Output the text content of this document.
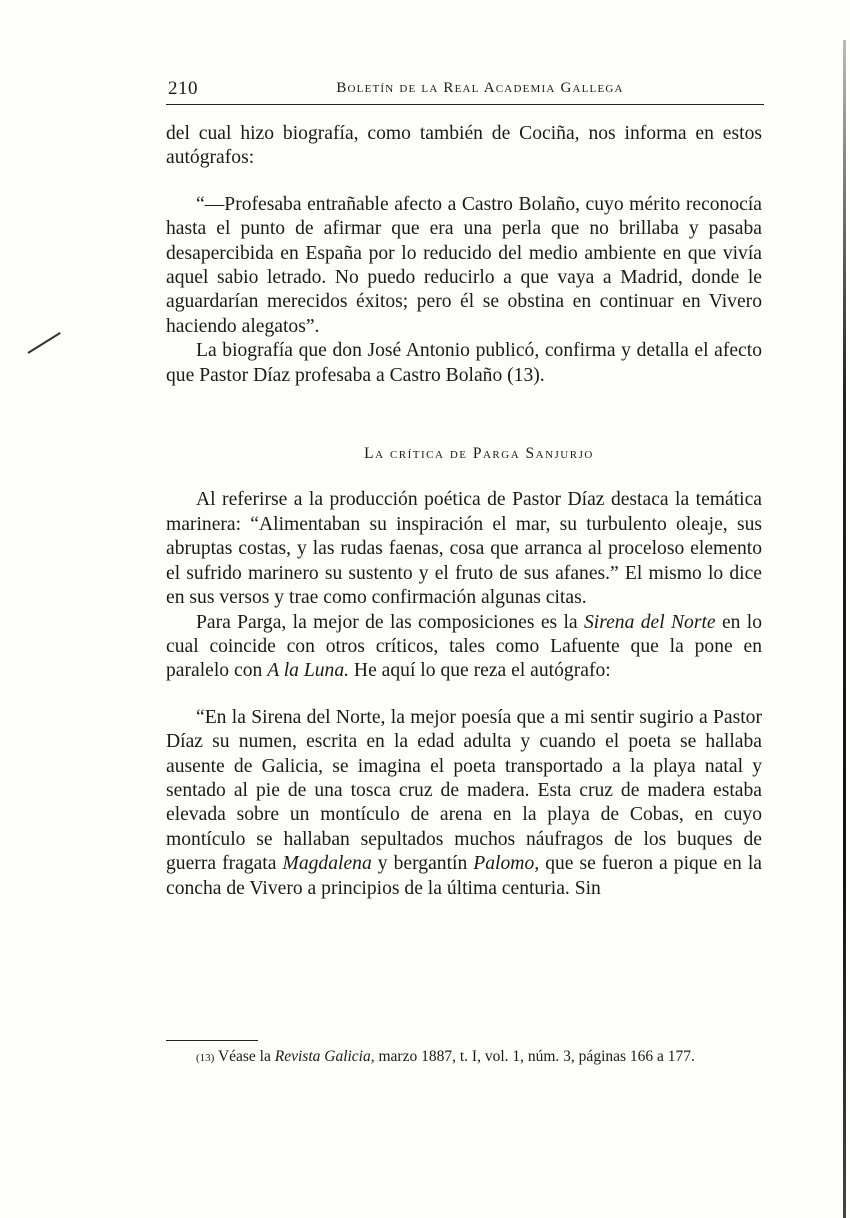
210	Boletín de la Real Academia Gallega

del cual hizo biografía, como también de Cociña, nos informa en estos autógrafos:

“—Profesaba entrañable afecto a Castro Bolaño, cuyo mérito reconocía hasta el punto de afirmar que era una perla que no brillaba y pasaba desapercibida en España por lo reducido del medio ambiente en que vivía aquel sabio letrado. No puedo reducirlo a que vaya a Madrid, donde le aguardarían merecidos éxitos; pero él se obstina en continuar en Vivero haciendo alegatos”.

La biografía que don José Antonio publicó, confirma y detalla el afecto que Pastor Díaz profesaba a Castro Bolaño (13).

La crítica de Parga Sanjurjo

Al referirse a la producción poética de Pastor Díaz destaca la temática marinera: “Alimentaban su inspiración el mar, su turbulento oleaje, sus abruptas costas, y las rudas faenas, cosa que arranca al proceloso elemento el sufrido marinero su sustento y el fruto de sus afanes.” El mismo lo dice en sus versos y trae como confirmación algunas citas.

Para Parga, la mejor de las composiciones es la Sirena del Norte en lo cual coincide con otros críticos, tales como Lafuente que la pone en paralelo con A la Luna. He aquí lo que reza el autógrafo:

“En la Sirena del Norte, la mejor poesía que a mi sentir sugirio a Pastor Díaz su numen, escrita en la edad adulta y cuando el poeta se hallaba ausente de Galicia, se imagina el poeta transportado a la playa natal y sentado al pie de una tosca cruz de madera. Esta cruz de madera estaba elevada sobre un montículo de arena en la playa de Cobas, en cuyo montículo se hallaban sepultados muchos náufragos de los buques de guerra fragata Magdalena y bergantín Palomo, que se fueron a pique en la concha de Vivero a principios de la última centuria. Sin

(13) Véase la Revista Galicia, marzo 1887, t. I, vol. 1, núm. 3, páginas 166 a 177.
